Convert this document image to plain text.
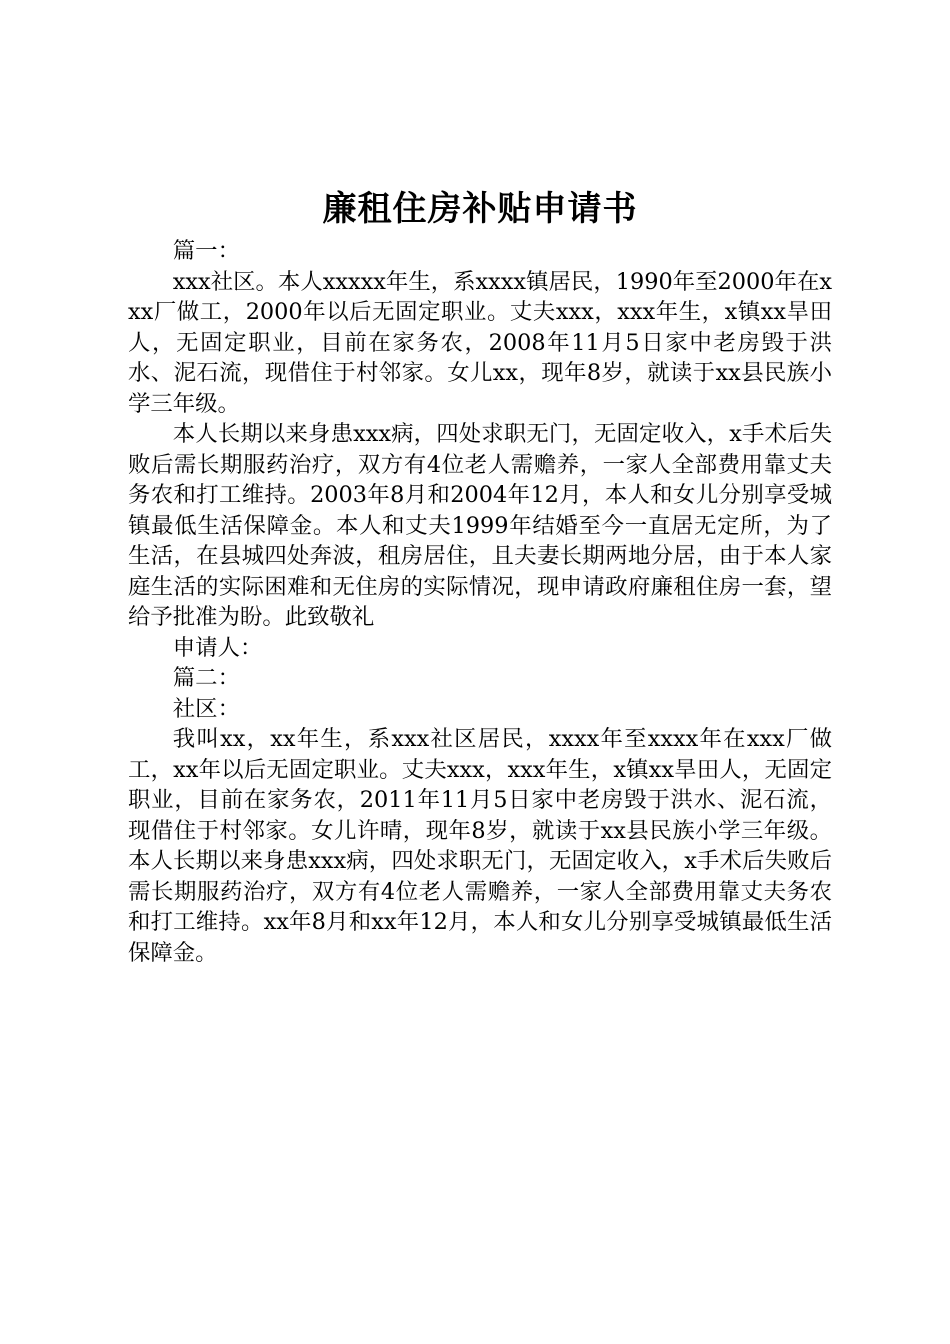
廉租住房补贴申请书

篇一：

xxx社区。本人xxxxx年生，系xxxx镇居民，1990年至2000年在xxx厂做工，2000年以后无固定职业。丈夫xxx，xxx年生，x镇xx旱田人，无固定职业，目前在家务农，2008年11月5日家中老房毁于洪水、泥石流，现借住于村邻家。女儿xx，现年8岁，就读于xx县民族小学三年级。

本人长期以来身患xxx病，四处求职无门，无固定收入，x手术后失败后需长期服药治疗，双方有4位老人需赡养，一家人全部费用靠丈夫务农和打工维持。2003年8月和2004年12月，本人和女儿分别享受城镇最低生活保障金。本人和丈夫1999年结婚至今一直居无定所，为了生活，在县城四处奔波，租房居住，且夫妻长期两地分居，由于本人家庭生活的实际困难和无住房的实际情况，现申请政府廉租住房一套，望给予批准为盼。此致敬礼

申请人：

篇二：

社区：

我叫xx，xx年生，系xxx社区居民，xxxx年至xxxx年在xxx厂做工，xx年以后无固定职业。丈夫xxx，xxx年生，x镇xx旱田人，无固定职业，目前在家务农，2011年11月5日家中老房毁于洪水、泥石流，现借住于村邻家。女儿许晴，现年8岁，就读于xx县民族小学三年级。本人长期以来身患xxx病，四处求职无门，无固定收入，x手术后失败后需长期服药治疗，双方有4位老人需赡养，一家人全部费用靠丈夫务农和打工维持。xx年8月和xx年12月，本人和女儿分别享受城镇最低生活保障金。
